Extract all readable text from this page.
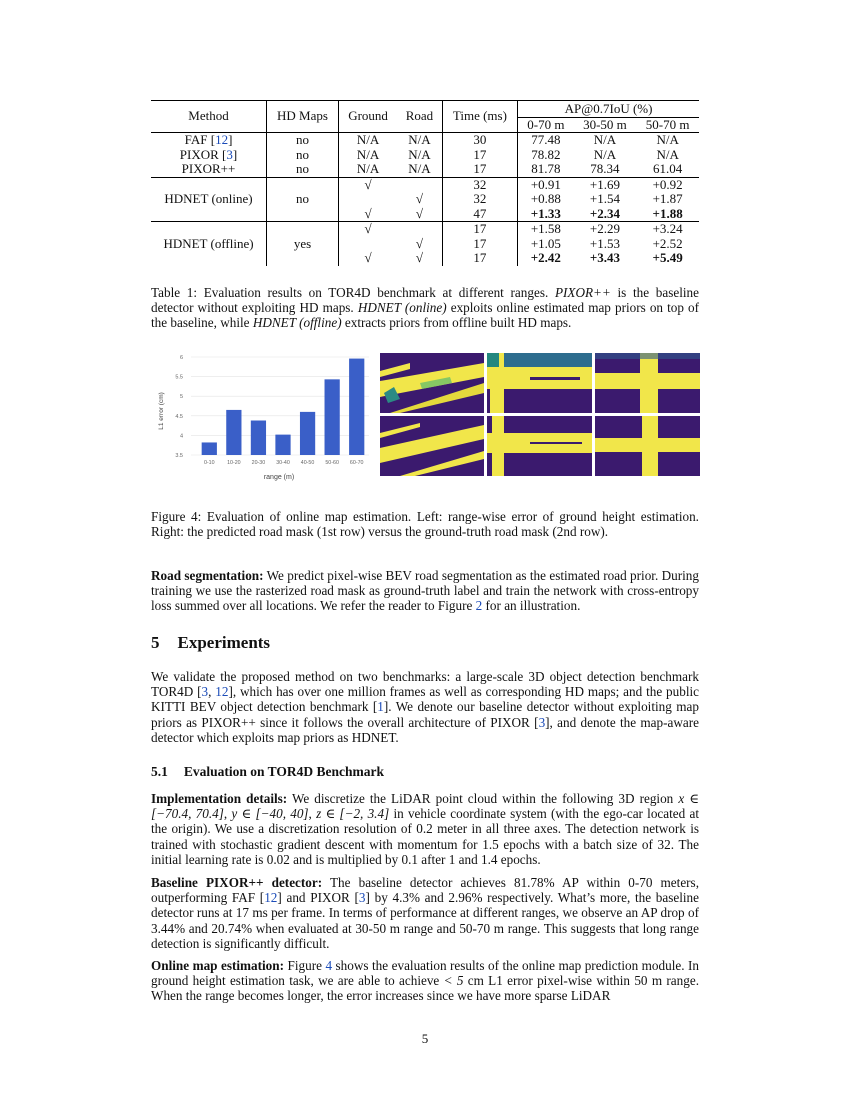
Method	HD Maps	Ground	Road	Time (ms)	AP@0.7IoU (%)		
					0-70 m	30-50 m	50-70 m
FAF [12]	no	N/A	N/A	30	77.48	N/A	N/A
PIXOR [3]	no	N/A	N/A	17	78.82	N/A	N/A
PIXOR++	no	N/A	N/A	17	81.78	78.34	61.04
HDNET (online)	no	√		32	+0.91	+1.69	+0.92
			√	32	+0.88	+1.54	+1.87
		√	√	47	+1.33	+2.34	+1.88
HDNET (offline)	yes	√		17	+1.58	+2.29	+3.24
			√	17	+1.05	+1.53	+2.52
		√	√	17	+2.42	+3.43	+5.49
Table 1: Evaluation results on TOR4D benchmark at different ranges. PIXOR++ is the baseline detector without exploiting HD maps. HDNET (online) exploits online estimated map priors on top of the baseline, while HDNET (offline) extracts priors from offline built HD maps.
3.5
4
4.5
5
5.5
6
0-10 10-20 20-30 30-40 40-50 50-60 60-70
range (m)
L1 error (cm)
Figure 4: Evaluation of online map estimation. Left: range-wise error of ground height estimation. Right: the predicted road mask (1st row) versus the ground-truth road mask (2nd row).
Road segmentation: We predict pixel-wise BEV road segmentation as the estimated road prior. During training we use the rasterized road mask as ground-truth label and train the network with cross-entropy loss summed over all locations. We refer the reader to Figure 2 for an illustration.
5 Experiments
We validate the proposed method on two benchmarks: a large-scale 3D object detection benchmark TOR4D [3, 12], which has over one million frames as well as corresponding HD maps; and the public KITTI BEV object detection benchmark [1]. We denote our baseline detector without exploiting map priors as PIXOR++ since it follows the overall architecture of PIXOR [3], and denote the map-aware detector which exploits map priors as HDNET.
5.1 Evaluation on TOR4D Benchmark
Implementation details: We discretize the LiDAR point cloud within the following 3D region x ∈ [−70.4, 70.4], y ∈ [−40, 40], z ∈ [−2, 3.4] in vehicle coordinate system (with the ego-car located at the origin). We use a discretization resolution of 0.2 meter in all three axes. The detection network is trained with stochastic gradient descent with momentum for 1.5 epochs with a batch size of 32. The initial learning rate is 0.02 and is multiplied by 0.1 after 1 and 1.4 epochs.
Baseline PIXOR++ detector: The baseline detector achieves 81.78% AP within 0-70 meters, outperforming FAF [12] and PIXOR [3] by 4.3% and 2.96% respectively. What’s more, the baseline detector runs at 17 ms per frame. In terms of performance at different ranges, we observe an AP drop of 3.44% and 20.74% when evaluated at 30-50 m range and 50-70 m range. This suggests that long range detection is significantly difficult.
Online map estimation: Figure 4 shows the evaluation results of the online map prediction module. In ground height estimation task, we are able to achieve < 5 cm L1 error pixel-wise within 50 m range. When the range becomes longer, the error increases since we have more sparse LiDAR
5
